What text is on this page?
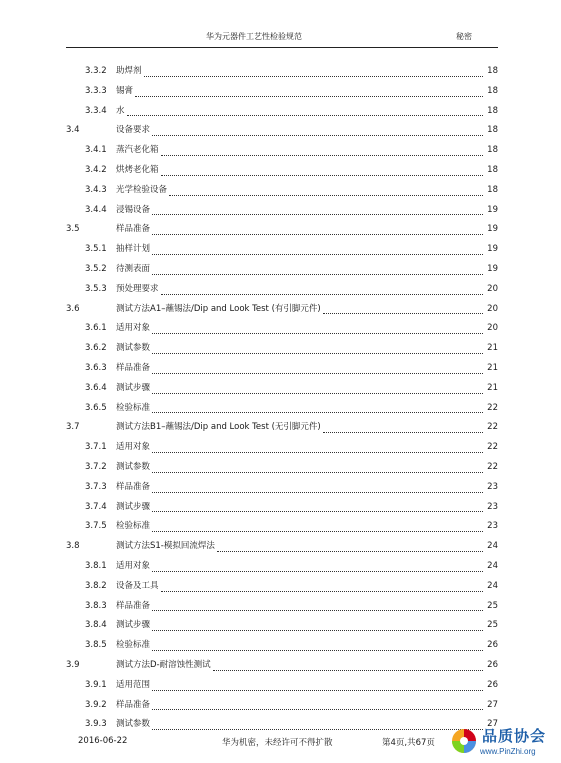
华为元器件工艺性检验规范	秘密
3.3.2 助焊剂	18
3.3.3 锡膏	18
3.3.4 水	18
3.4	设备要求	18
3.4.1 蒸汽老化箱	18
3.4.2 烘烤老化箱	18
3.4.3 光学检验设备	18
3.4.4 浸锡设备	19
3.5	样品准备	19
3.5.1 抽样计划	19
3.5.2 待测表面	19
3.5.3 预处理要求	20
3.6	测试方法A1–蘸锡法/Dip and Look Test (有引脚元件)	20
3.6.1 适用对象	20
3.6.2 测试参数	21
3.6.3 样品准备	21
3.6.4 测试步骤	21
3.6.5 检验标准	22
3.7	测试方法B1–蘸锡法/Dip and Look Test (无引脚元件)	22
3.7.1 适用对象	22
3.7.2 测试参数	22
3.7.3 样品准备	23
3.7.4 测试步骤	23
3.7.5 检验标准	23
3.8	测试方法S1-模拟回流焊法	24
3.8.1 适用对象	24
3.8.2 设备及工具	24
3.8.3 样品准备	25
3.8.4 测试步骤	25
3.8.5 检验标准	26
3.9	测试方法D-耐溶蚀性测试	26
3.9.1 适用范围	26
3.9.2 样品准备	27
3.9.3 测试参数	27
2016-06-22	华为机密，未经许可不得扩散	第4页,共67页	品质协会
www.PinZhi.org
